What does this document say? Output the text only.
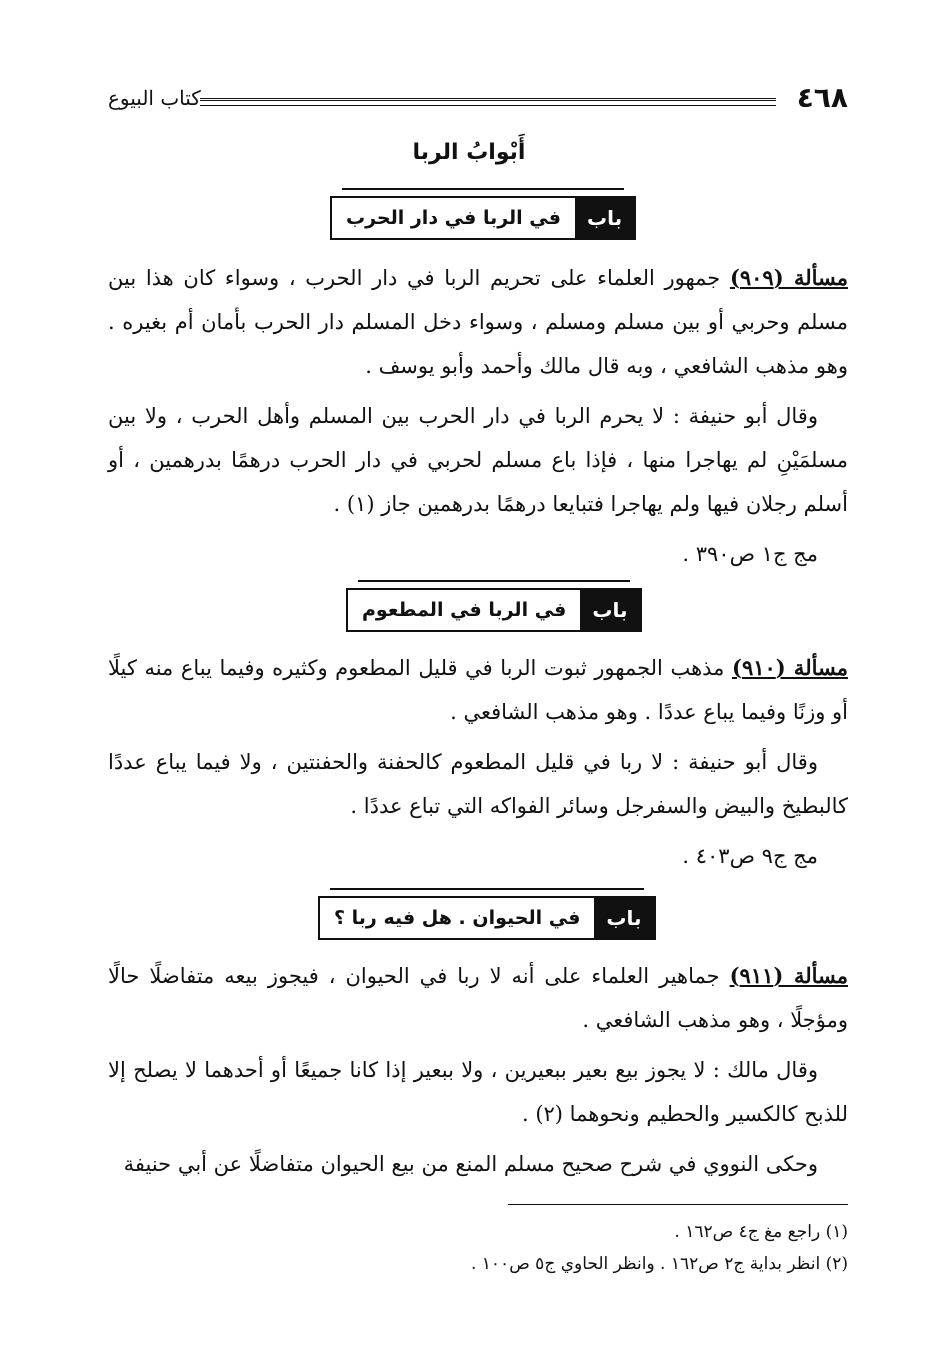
٤٦٨
كتاب البيوع
أَبْوابُ الربا
باب
في الربا في دار الحرب

مسألة (٩٠٩) جمهور العلماء على تحريم الربا في دار الحرب ، وسواء كان هذا بين مسلم وحربي أو بين مسلم ومسلم ، وسواء دخل المسلم دار الحرب بأمان أم بغيره . وهو مذهب الشافعي ، وبه قال مالك وأحمد وأبو يوسف .

وقال أبو حنيفة : لا يحرم الربا في دار الحرب بين المسلم وأهل الحرب ، ولا بين مسلمَيْنِ لم يهاجرا منها ، فإذا باع مسلم لحربي في دار الحرب درهمًا بدرهمين ، أو أسلم رجلان فيها ولم يهاجرا فتبايعا درهمًا بدرهمين جاز (١) .

مج ج١ ص٣٩٠ .

باب
في الربا في المطعوم

مسألة (٩١٠) مذهب الجمهور ثبوت الربا في قليل المطعوم وكثيره وفيما يباع منه كيلًا أو وزنًا وفيما يباع عددًا . وهو مذهب الشافعي .

وقال أبو حنيفة : لا ربا في قليل المطعوم كالحفنة والحفنتين ، ولا فيما يباع عددًا كالبطيخ والبيض والسفرجل وسائر الفواكه التي تباع عددًا .

مج ج٩ ص٤٠٣ .

باب
في الحيوان . هل فيه ربا ؟

مسألة (٩١١) جماهير العلماء على أنه لا ربا في الحيوان ، فيجوز بيعه متفاضلًا حالًا ومؤجلًا ، وهو مذهب الشافعي .

وقال مالك : لا يجوز بيع بعير ببعيرين ، ولا ببعير إذا كانا جميعًا أو أحدهما لا يصلح إلا للذبح كالكسير والحطيم ونحوهما (٢) .

وحكى النووي في شرح صحيح مسلم المنع من بيع الحيوان متفاضلًا عن أبي حنيفة

(١) راجع مغ ج٤ ص١٦٢ .

(٢) انظر بداية ج٢ ص١٦٢ . وانظر الحاوي ج٥ ص١٠٠ .
